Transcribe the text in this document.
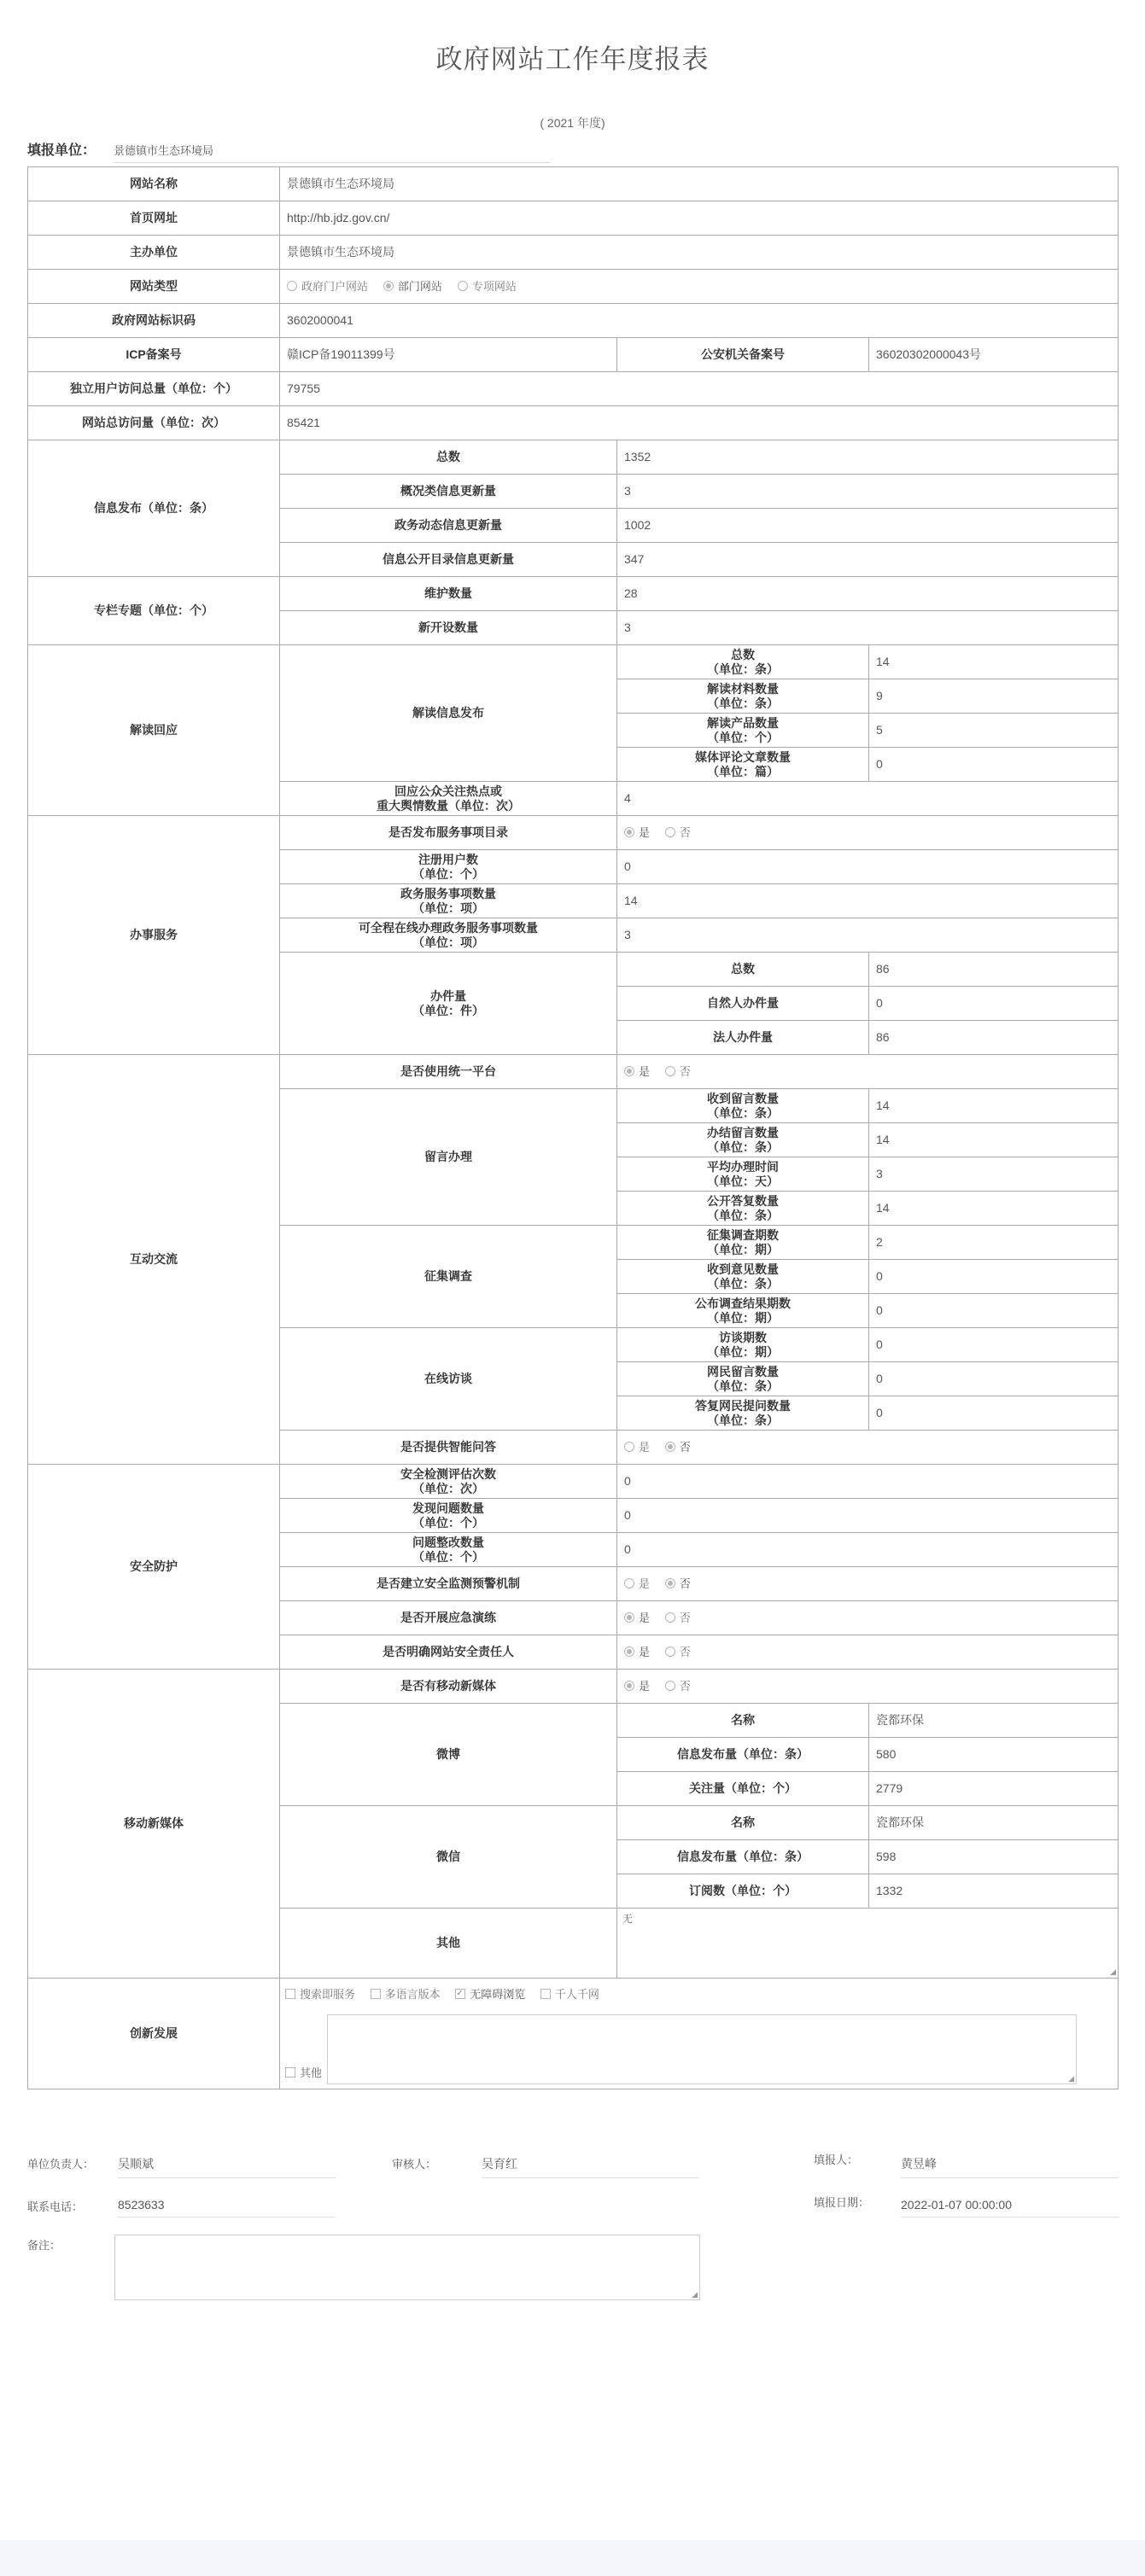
政府网站工作年度报表
( 2021 年度)
填报单位： 景德镇市生态环境局
网站名称	景德镇市生态环境局		
首页网址	http://hb.jdz.gov.cn/		
主办单位	景德镇市生态环境局		
网站类型	政府门户网站 部门网站 专项网站		
政府网站标识码	3602000041		
ICP备案号	赣ICP备19011399号	公安机关备案号	36020302000043号
独立用户访问总量（单位：个）	79755		
网站总访问量（单位：次）	85421		
信息发布（单位：条）	总数	1352	
	概况类信息更新量	3	
	政务动态信息更新量	1002	
	信息公开目录信息更新量	347	
专栏专题（单位：个）	维护数量	28	
	新开设数量	3	
解读回应	解读信息发布	总数
（单位：条）	14

		解读材料数量
（单位：条）	9

		解读产品数量
（单位：个）	5

		媒体评论文章数量
（单位：篇）	0

	回应公众关注热点或
重大舆情数量（单位：次）	4	
办事服务	是否发布服务事项目录	是 否	

	注册用户数
（单位：个）	0	

	政务服务事项数量
（单位：项）	14	

	可全程在线办理政务服务事项数量
（单位：项）	3	

	办件量
（单位：件）	总数	86
		自然人办件量	0
		法人办件量	86
互动交流	是否使用统一平台	是 否	
	留言办理	收到留言数量
（单位：条）	14

		办结留言数量
（单位：条）	14

		平均办理时间
（单位：天）	3

		公开答复数量
（单位：条）	14
	征集调查	征集调查期数
（单位：期）	2

		收到意见数量
（单位：条）	0

		公布调查结果期数
（单位：期）	0
	在线访谈	访谈期数
（单位：期）	0

		网民留言数量
（单位：条）	0

		答复网民提问数量
（单位：条）	0
	是否提供智能问答	是 否	
安全防护	安全检测评估次数
（单位：次）	0	

	发现问题数量
（单位：个）	0	

	问题整改数量
（单位：个）	0	
	是否建立安全监测预警机制	是 否	
	是否开展应急演练	是 否	
	是否明确网站安全责任人	是 否	
移动新媒体	是否有移动新媒体	是 否	
	微博	名称	瓷都环保
		信息发布量（单位：条）	580
		关注量（单位：个）	2779
	微信	名称	瓷都环保
		信息发布量（单位：条）	598
		订阅数（单位：个）	1332
	其他	无
◢	

创新发展	搜索即服务 多语言版本 ✓ 无障碍浏览 千人千网
其他 ◢
单位负责人： 吴顺斌	审核人：	吴育红	填报人：	黄昱峰
联系电话：	8523633	填报日期：	2022-01-07 00:00:00
备注：
◢
